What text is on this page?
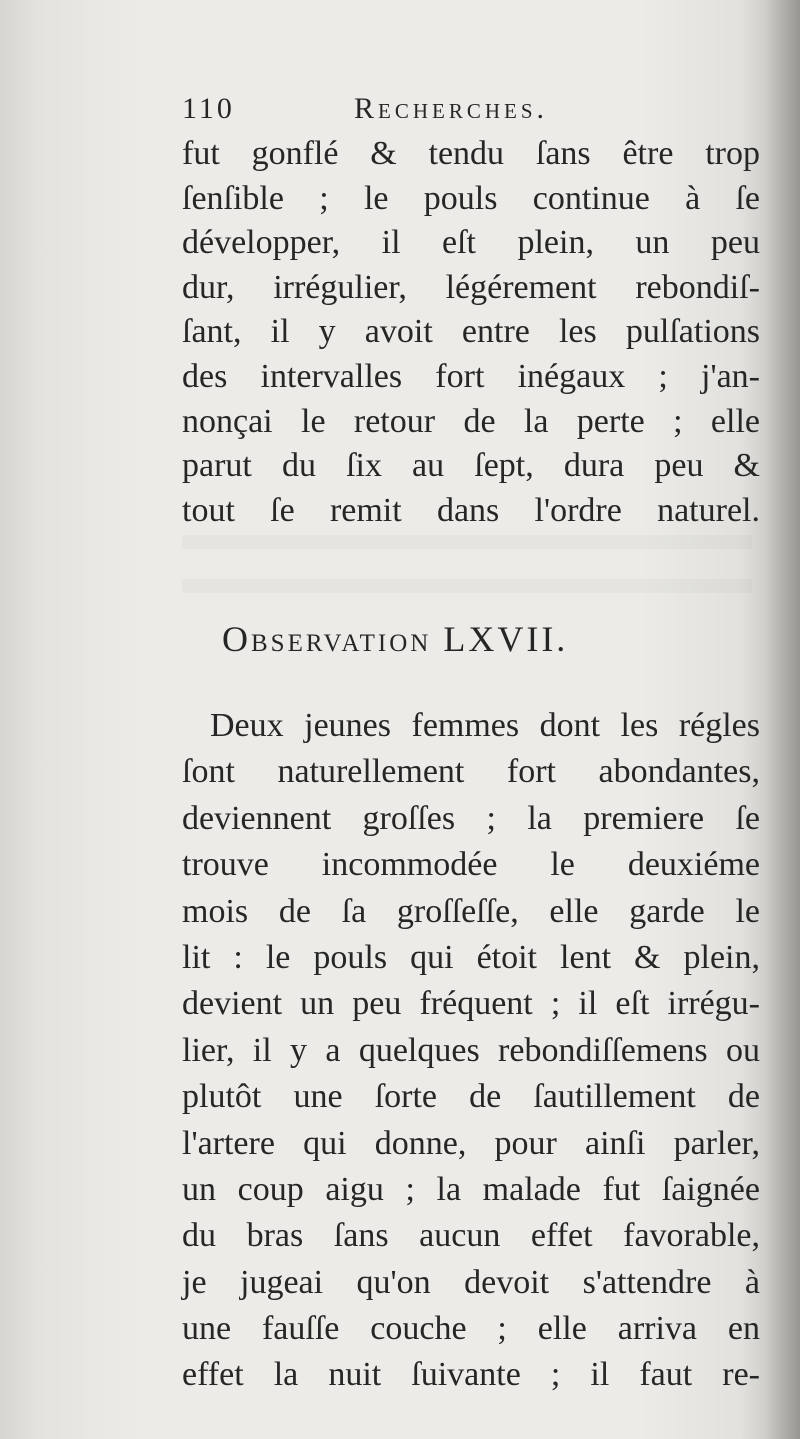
110	Recherches.
fut gonflé & tendu ſans être trop
ſenſible ; le pouls continue à ſe
développer, il eſt plein, un peu
dur, irrégulier, légérement rebondiſ-
ſant, il y avoit entre les pulſations
des intervalles fort inégaux ; j'an-
nonçai le retour de la perte ; elle
parut du ſix au ſept, dura peu &
tout ſe remit dans l'ordre naturel.
Observation LXVII.
Deux jeunes femmes dont les régles
ſont naturellement fort abondantes,
deviennent groſſes ; la premiere ſe
trouve incommodée le deuxiéme
mois de ſa groſſeſſe, elle garde le
lit : le pouls qui étoit lent & plein,
devient un peu fréquent ; il eſt irrégu-
lier, il y a quelques rebondiſſemens ou
plutôt une ſorte de ſautillement de
l'artere qui donne, pour ainſi parler,
un coup aigu ; la malade fut ſaignée
du bras ſans aucun effet favorable,
je jugeai qu'on devoit s'attendre à
une fauſſe couche ; elle arriva en
effet la nuit ſuivante ; il faut re-
